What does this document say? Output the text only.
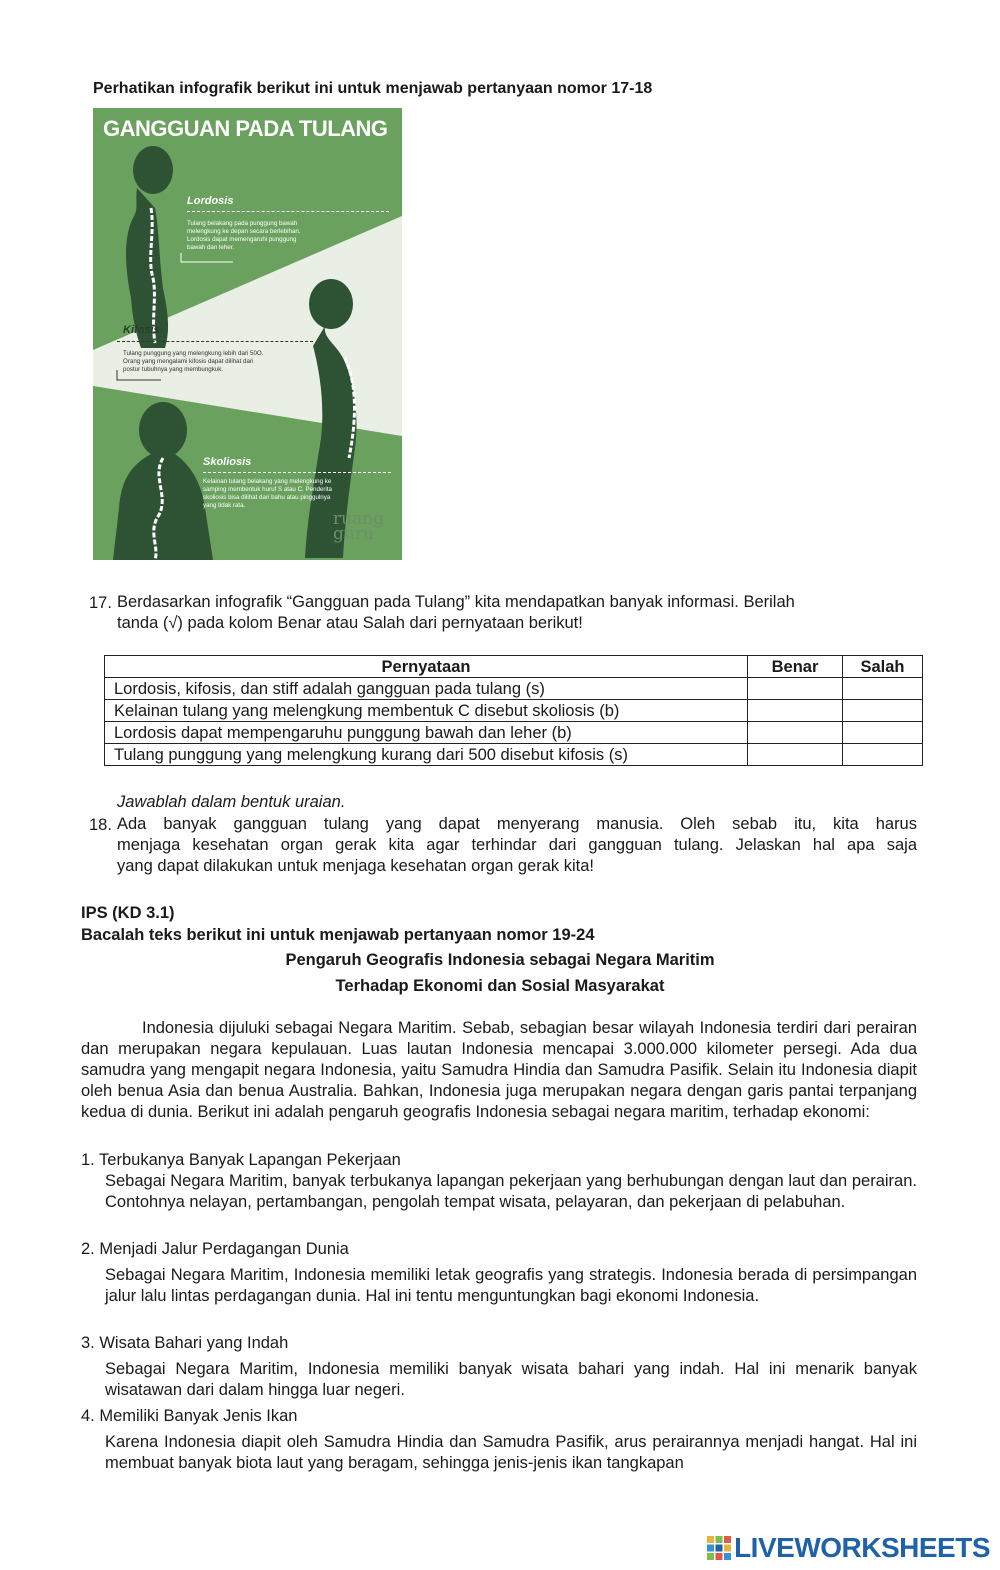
Perhatikan infografik berikut ini untuk menjawab pertanyaan nomor 17-18
GANGGUAN PADA TULANG
Lordosis
Tulang belakang pada punggung bawah
melengkung ke depan secara berlebihan.
Lordosis dapat memengaruhi punggung
bawah dan leher.
Kifosis
Tulang punggung yang melengkung lebih dari 50O.
Orang yang mengalami kifosis dapat dilihat dari
postur tubuhnya yang membungkuk.
Skoliosis
Kelainan tulang belakang yang melengkung ke
samping membentuk huruf S atau C. Penderita
skoliosis bisa dilihat dari bahu atau pinggulnya
yang tidak rata.
ruang
guru
17. Berdasarkan infografik “Gangguan pada Tulang” kita mendapatkan banyak informasi. Berilah
tanda (√) pada kolom Benar atau Salah dari pernyataan berikut!
Pernyataan	Benar	Salah
Lordosis, kifosis, dan stiff adalah gangguan pada tulang (s)		
Kelainan tulang yang melengkung membentuk C disebut skoliosis (b)		
Lordosis dapat mempengaruhu punggung bawah dan leher (b)		
Tulang punggung yang melengkung kurang dari 500 disebut kifosis (s)		
Jawablah dalam bentuk uraian.
18. Ada banyak gangguan tulang yang dapat menyerang manusia. Oleh sebab itu, kita harus
menjaga kesehatan organ gerak kita agar terhindar dari gangguan tulang. Jelaskan hal apa saja
yang dapat dilakukan untuk menjaga kesehatan organ gerak kita!
IPS (KD 3.1)
Bacalah teks berikut ini untuk menjawab pertanyaan nomor 19-24
Pengaruh Geografis Indonesia sebagai Negara Maritim
Terhadap Ekonomi dan Sosial Masyarakat
Indonesia dijuluki sebagai Negara Maritim. Sebab, sebagian besar wilayah Indonesia terdiri dari perairan dan merupakan negara kepulauan. Luas lautan Indonesia mencapai 3.000.000 kilometer persegi. Ada dua samudra yang mengapit negara Indonesia, yaitu Samudra Hindia dan Samudra Pasifik. Selain itu Indonesia diapit oleh benua Asia dan benua Australia. Bahkan, Indonesia juga merupakan negara dengan garis pantai terpanjang kedua di dunia. Berikut ini adalah pengaruh geografis Indonesia sebagai negara maritim, terhadap ekonomi:
1. Terbukanya Banyak Lapangan Pekerjaan
Sebagai Negara Maritim, banyak terbukanya lapangan pekerjaan yang berhubungan dengan laut dan perairan. Contohnya nelayan, pertambangan, pengolah tempat wisata, pelayaran, dan pekerjaan di pelabuhan.
2. Menjadi Jalur Perdagangan Dunia
Sebagai Negara Maritim, Indonesia memiliki letak geografis yang strategis. Indonesia berada di persimpangan jalur lalu lintas perdagangan dunia. Hal ini tentu menguntungkan bagi ekonomi Indonesia.
3. Wisata Bahari yang Indah
Sebagai Negara Maritim, Indonesia memiliki banyak wisata bahari yang indah. Hal ini menarik banyak wisatawan dari dalam hingga luar negeri.
4. Memiliki Banyak Jenis Ikan
Karena Indonesia diapit oleh Samudra Hindia dan Samudra Pasifik, arus perairannya menjadi hangat. Hal ini membuat banyak biota laut yang beragam, sehingga jenis-jenis ikan tangkapan
LIVEWORKSHEETS
